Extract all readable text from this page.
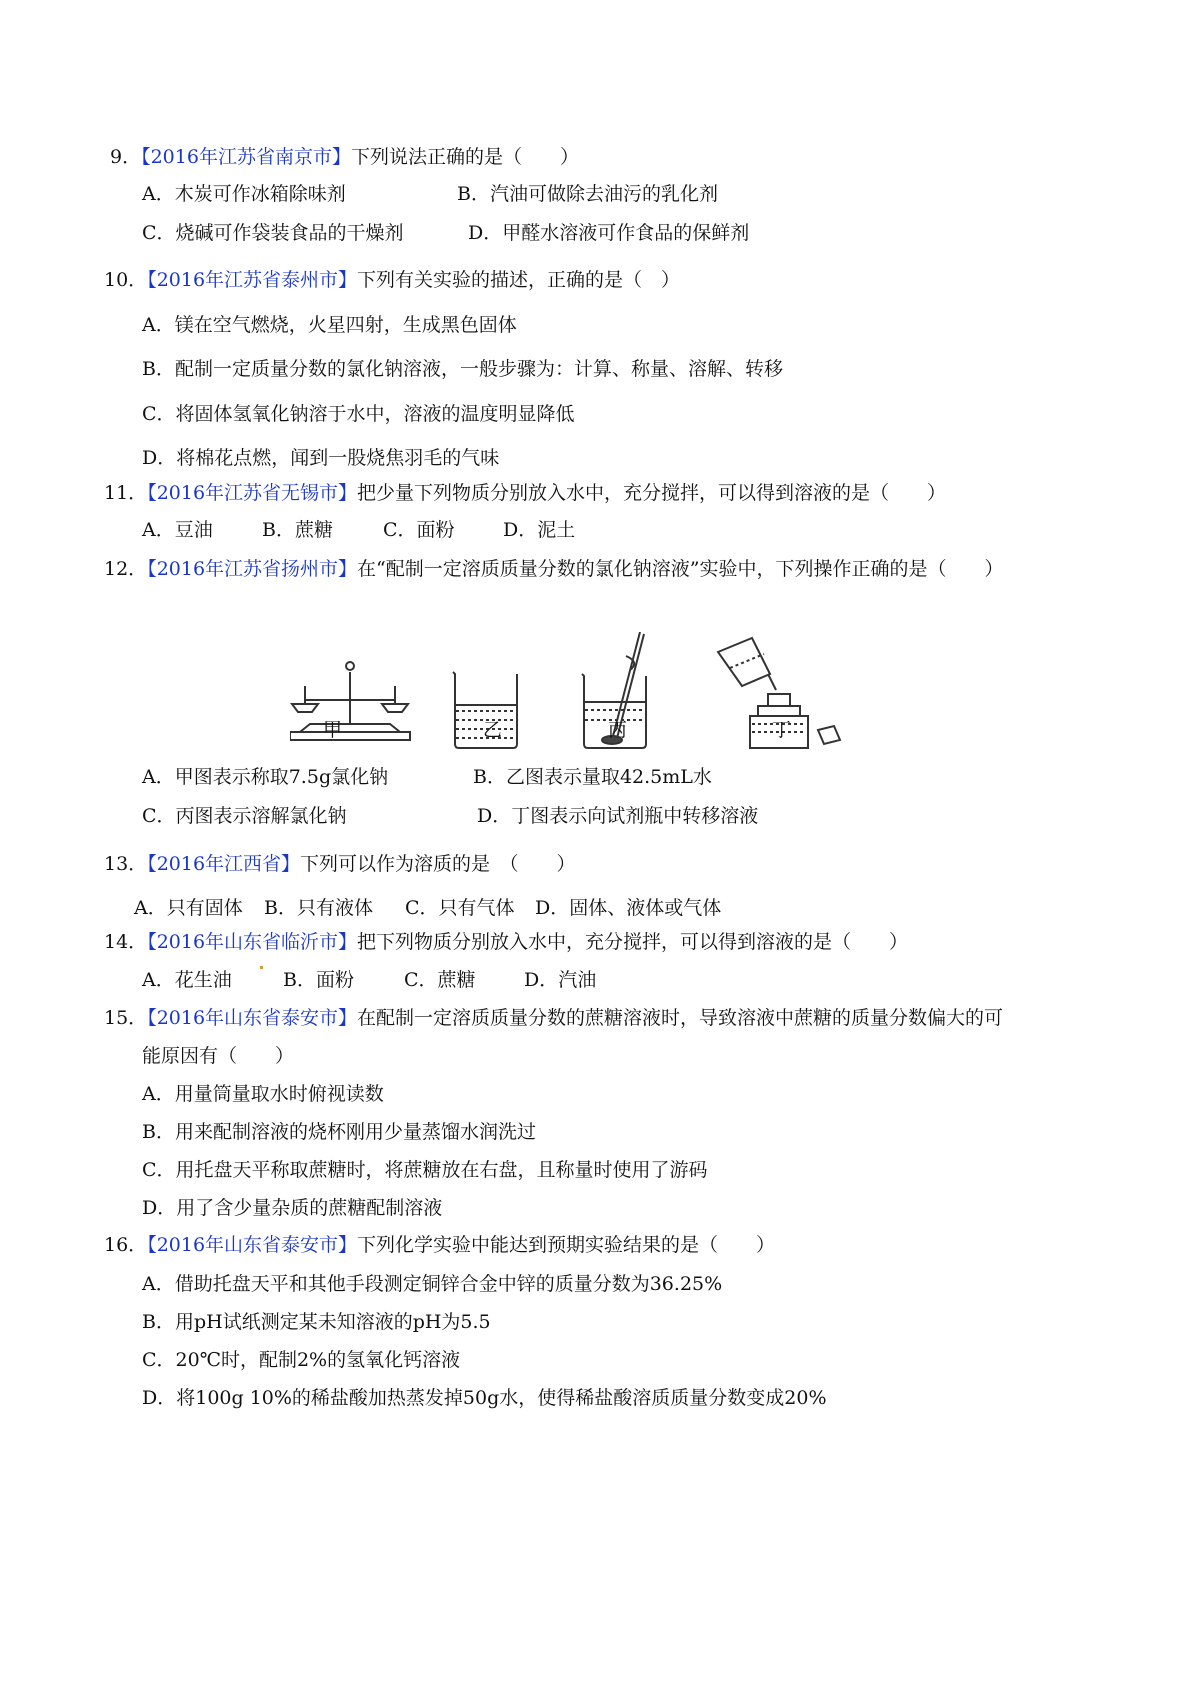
9．【2016年江苏省南京市】下列说法正确的是（　　）
A．木炭可作冰箱除味剂	B．汽油可做除去油污的乳化剂
C．烧碱可作袋装食品的干燥剂	D．甲醛水溶液可作食品的保鲜剂
10．【2016年江苏省泰州市】下列有关实验的描述，正确的是（　）
A．镁在空气燃烧，火星四射，生成黑色固体
B．配制一定质量分数的氯化钠溶液，一般步骤为：计算、称量、溶解、转移
C．将固体氢氧化钠溶于水中，溶液的温度明显降低
D．将棉花点燃，闻到一股烧焦羽毛的气味
11．【2016年江苏省无锡市】把少量下列物质分别放入水中，充分搅拌，可以得到溶液的是（　　）
A．豆油	B．蔗糖	C．面粉	D．泥土
12．【2016年江苏省扬州市】在“配制一定溶质质量分数的氯化钠溶液”实验中，下列操作正确的是（　　）
甲	乙	丙	丁
A．甲图表示称取7.5g氯化钠	B．乙图表示量取42.5mL水
C．丙图表示溶解氯化钠	D．丁图表示向试剂瓶中转移溶液
13．【2016年江西省】下列可以作为溶质的是　（　　）
A．只有固体 B．只有液体 C．只有气体 D．固体、液体或气体
14．【2016年山东省临沂市】把下列物质分别放入水中，充分搅拌，可以得到溶液的是（　　）
A．花生油	B．面粉	C．蔗糖	D．汽油
15．【2016年山东省泰安市】在配制一定溶质质量分数的蔗糖溶液时，导致溶液中蔗糖的质量分数偏大的可
能原因有（　　）
A．用量筒量取水时俯视读数
B．用来配制溶液的烧杯刚用少量蒸馏水润洗过
C．用托盘天平称取蔗糖时，将蔗糖放在右盘，且称量时使用了游码
D．用了含少量杂质的蔗糖配制溶液
16．【2016年山东省泰安市】下列化学实验中能达到预期实验结果的是（　　）
A．借助托盘天平和其他手段测定铜锌合金中锌的质量分数为36.25%
B．用pH试纸测定某未知溶液的pH为5.5
C．20℃时，配制2%的氢氧化钙溶液
D．将100g 10%的稀盐酸加热蒸发掉50g水，使得稀盐酸溶质质量分数变成20%
